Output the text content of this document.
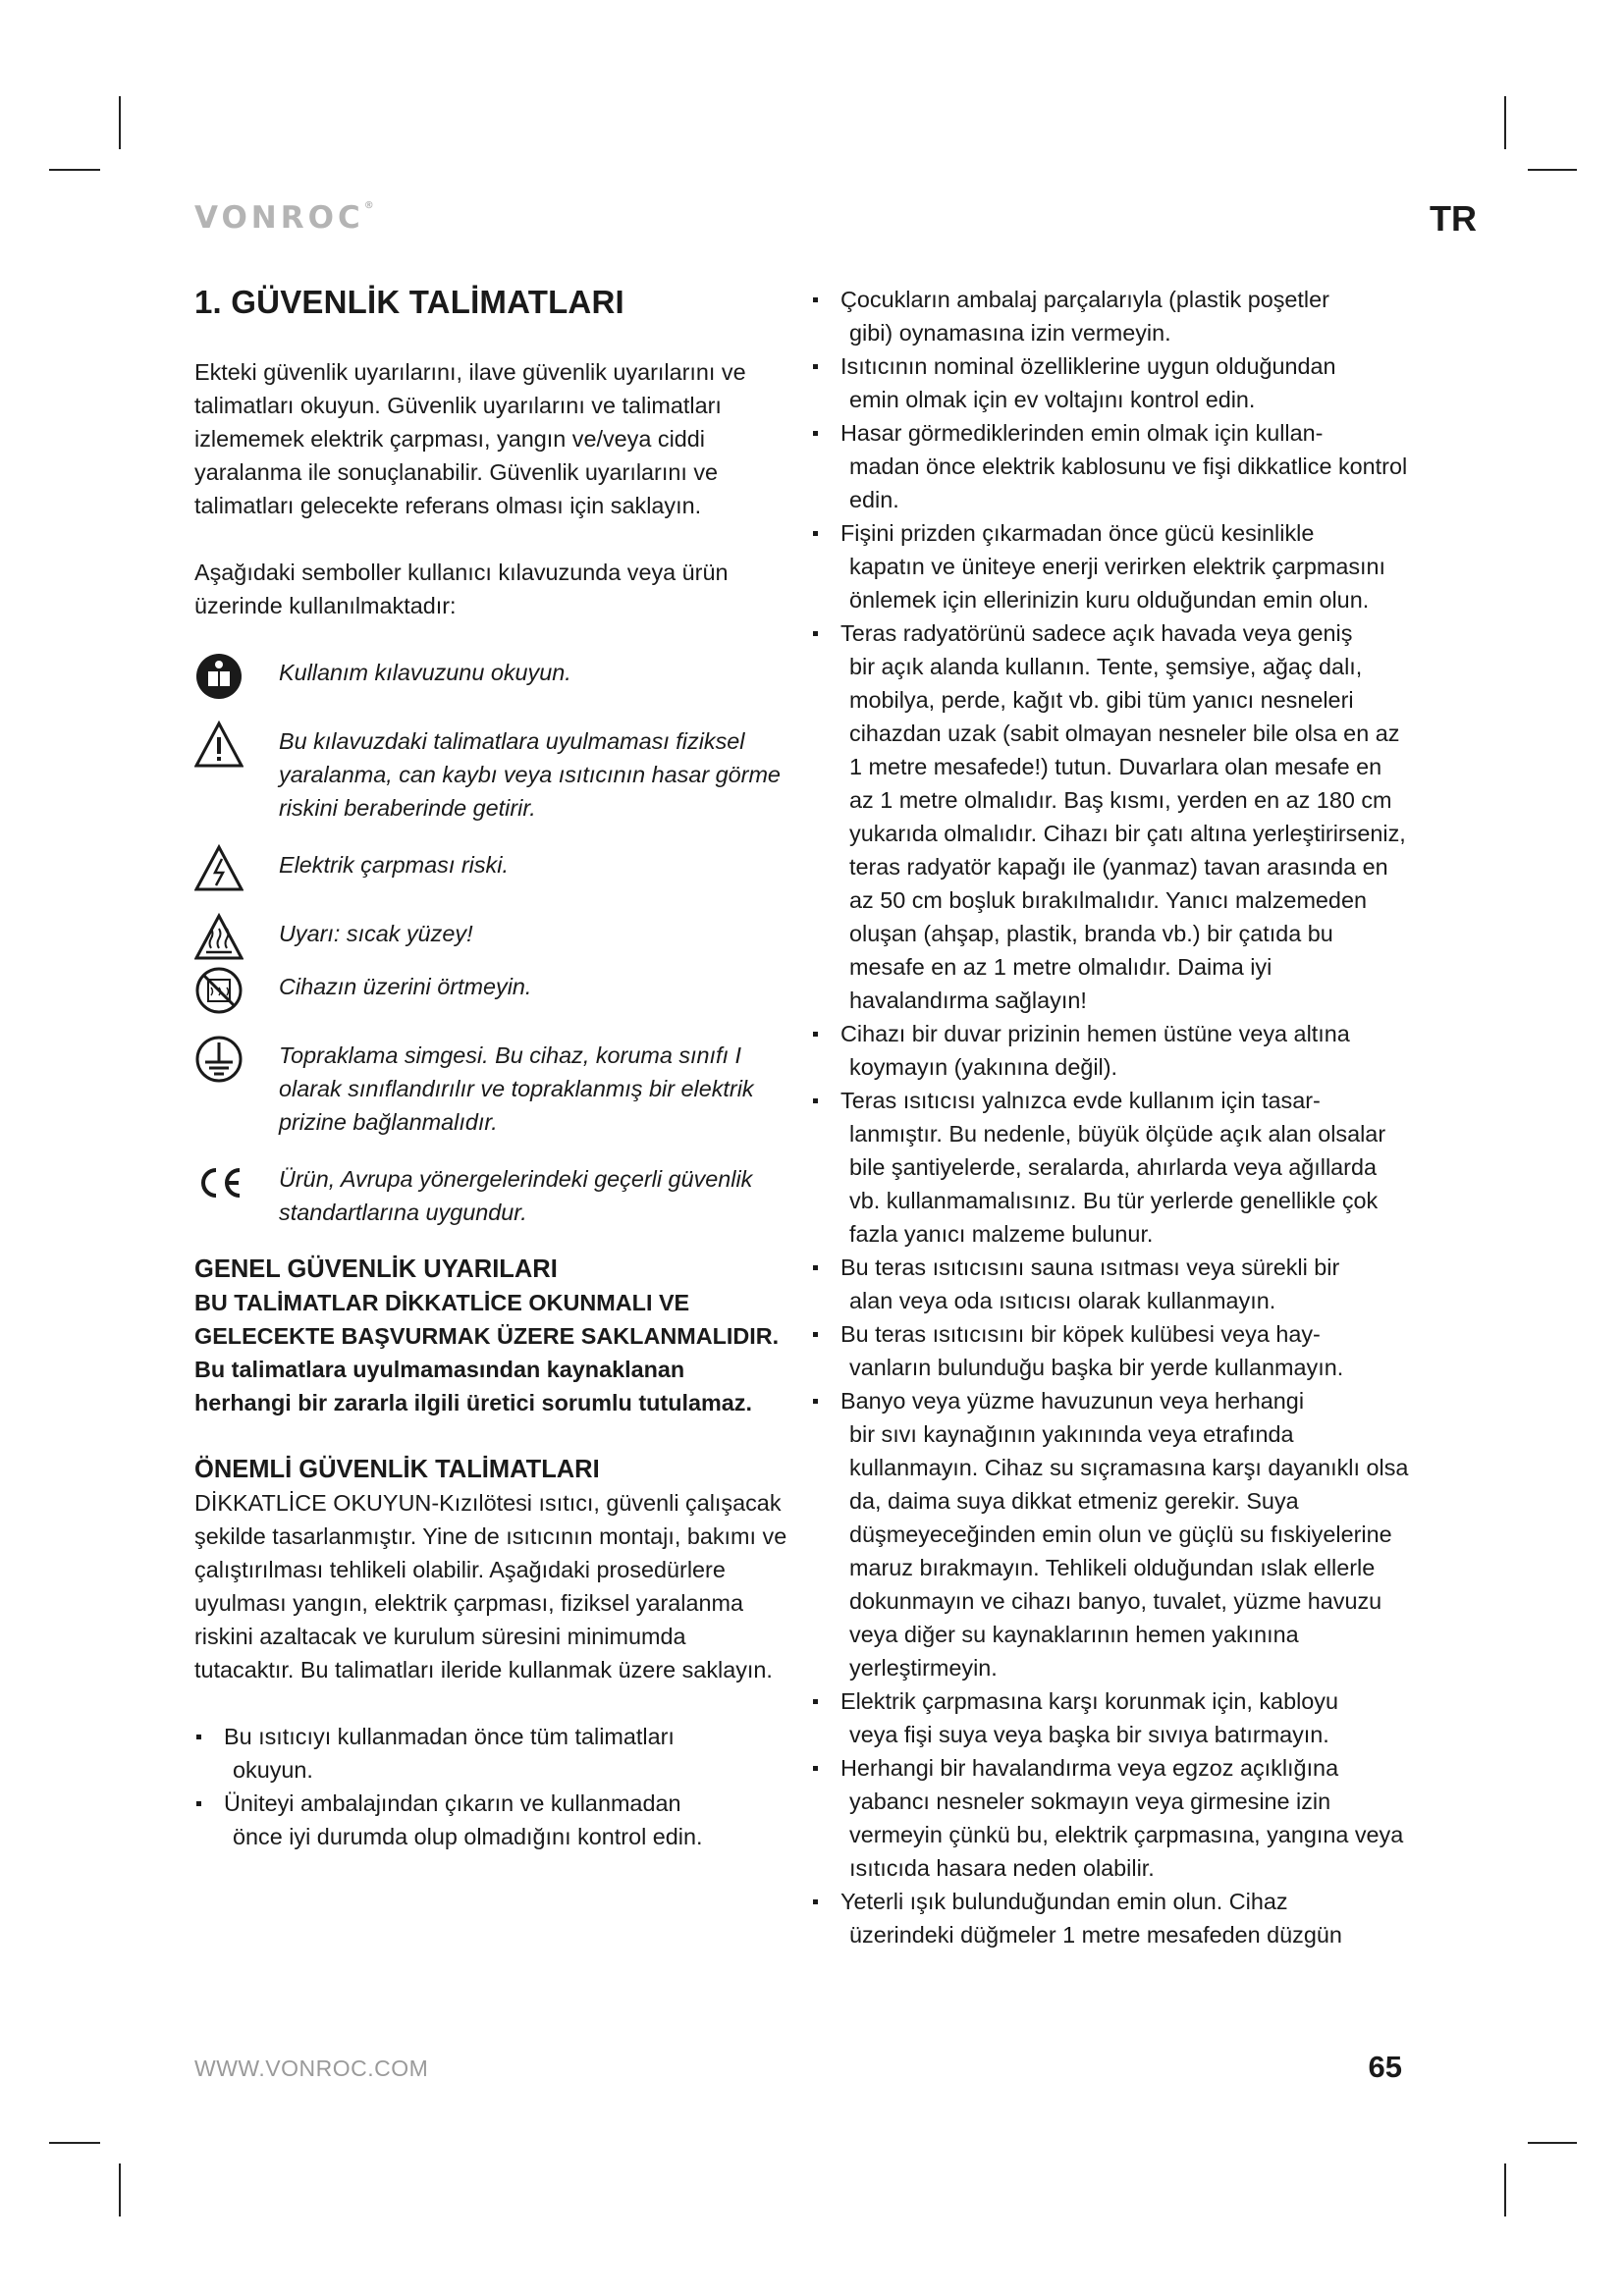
VONROC®	TR
1. GÜVENLİK TALİMATLARI

Ekteki güvenlik uyarılarını, ilave güvenlik uyarılarını ve talimatları okuyun. Güvenlik uyarılarını ve talimatları izlememek elektrik çarpması, yangın ve/veya ciddi yaralanma ile sonuçlanabilir. Güvenlik uyarılarını ve talimatları gelecekte referans olması için saklayın.

Aşağıdaki semboller kullanıcı kılavuzunda veya ürün üzerinde kullanılmaktadır:

Kullanım kılavuzunu okuyun.
Bu kılavuzdaki talimatlara uyulmaması fiziksel yaralanma, can kaybı veya ısıtıcının hasar görme riskini beraberinde getirir.
Elektrik çarpması riski.
Uyarı: sıcak yüzey!
Cihazın üzerini örtmeyin.
Topraklama simgesi. Bu cihaz, koruma sınıfı I olarak sınıflandırılır ve topraklanmış bir elektrik prizine bağlanmalıdır.
Ürün, Avrupa yönergelerindeki geçerli güvenlik standartlarına uygundur.
GENEL GÜVENLİK UYARILARI

BU TALİMATLAR DİKKATLİCE OKUNMALI VE GELECEKTE BAŞVURMAK ÜZERE SAKLANMALIDIR. Bu talimatlara uyulmamasından kaynaklanan herhangi bir zararla ilgili üretici sorumlu tutulamaz.

ÖNEMLİ GÜVENLİK TALİMATLARI

DİKKATLİCE OKUYUN-Kızılötesi ısıtıcı, güvenli çalışacak şekilde tasarlanmıştır. Yine de ısıtıcının montajı, bakımı ve çalıştırılması tehlikeli olabilir. Aşağıdaki prosedürlere uyulması yangın, elektrik çarpması, fiziksel yaralanma riskini azaltacak ve kurulum süresini minimumda tutacaktır. Bu talimatları ileride kullanmak üzere saklayın.

Bu ısıtıcıyı kullanmadan önce tüm talimatları
okuyun.
Üniteyi ambalajından çıkarın ve kullanmadan
önce iyi durumda olup olmadığını kontrol edin.
Çocukların ambalaj parçalarıyla (plastik poşetler
gibi) oynamasına izin vermeyin.
Isıtıcının nominal özelliklerine uygun olduğundan
emin olmak için ev voltajını kontrol edin.
Hasar görmediklerinden emin olmak için kullan-
madan önce elektrik kablosunu ve fişi dikkatlice kontrol edin.
Fişini prizden çıkarmadan önce gücü kesinlikle
kapatın ve üniteye enerji verirken elektrik çarpmasını önlemek için ellerinizin kuru olduğundan emin olun.
Teras radyatörünü sadece açık havada veya geniş
bir açık alanda kullanın. Tente, şemsiye, ağaç dalı, mobilya, perde, kağıt vb. gibi tüm yanıcı nesneleri cihazdan uzak (sabit olmayan nesneler bile olsa en az 1 metre mesafede!) tutun. Duvarlara olan mesafe en az 1 metre olmalıdır. Baş kısmı, yerden en az 180 cm yukarıda olmalıdır. Cihazı bir çatı altına yerleştirirseniz, teras radyatör kapağı ile (yanmaz) tavan arasında en az 50 cm boşluk bırakılmalıdır. Yanıcı malzemeden oluşan (ahşap, plastik, branda vb.) bir çatıda bu mesafe en az 1 metre olmalıdır. Daima iyi havalandırma sağlayın!
Cihazı bir duvar prizinin hemen üstüne veya altına
koymayın (yakınına değil).
Teras ısıtıcısı yalnızca evde kullanım için tasar-
lanmıştır. Bu nedenle, büyük ölçüde açık alan olsalar bile şantiyelerde, seralarda, ahırlarda veya ağıllarda vb. kullanmamalısınız. Bu tür yerlerde genellikle çok fazla yanıcı malzeme bulunur.
Bu teras ısıtıcısını sauna ısıtması veya sürekli bir
alan veya oda ısıtıcısı olarak kullanmayın.
Bu teras ısıtıcısını bir köpek kulübesi veya hay-
vanların bulunduğu başka bir yerde kullanmayın.
Banyo veya yüzme havuzunun veya herhangi
bir sıvı kaynağının yakınında veya etrafında kullanmayın. Cihaz su sıçramasına karşı dayanıklı olsa da, daima suya dikkat etmeniz gerekir. Suya düşmeyeceğinden emin olun ve güçlü su fıskiyelerine maruz bırakmayın. Tehlikeli olduğundan ıslak ellerle dokunmayın ve cihazı banyo, tuvalet, yüzme havuzu veya diğer su kaynaklarının hemen yakınına yerleştirmeyin.
Elektrik çarpmasına karşı korunmak için, kabloyu
veya fişi suya veya başka bir sıvıya batırmayın.
Herhangi bir havalandırma veya egzoz açıklığına
yabancı nesneler sokmayın veya girmesine izin vermeyin çünkü bu, elektrik çarpmasına, yangına veya ısıtıcıda hasara neden olabilir.
Yeterli ışık bulunduğundan emin olun. Cihaz
üzerindeki düğmeler 1 metre mesafeden düzgün
WWW.VONROC.COM	65
